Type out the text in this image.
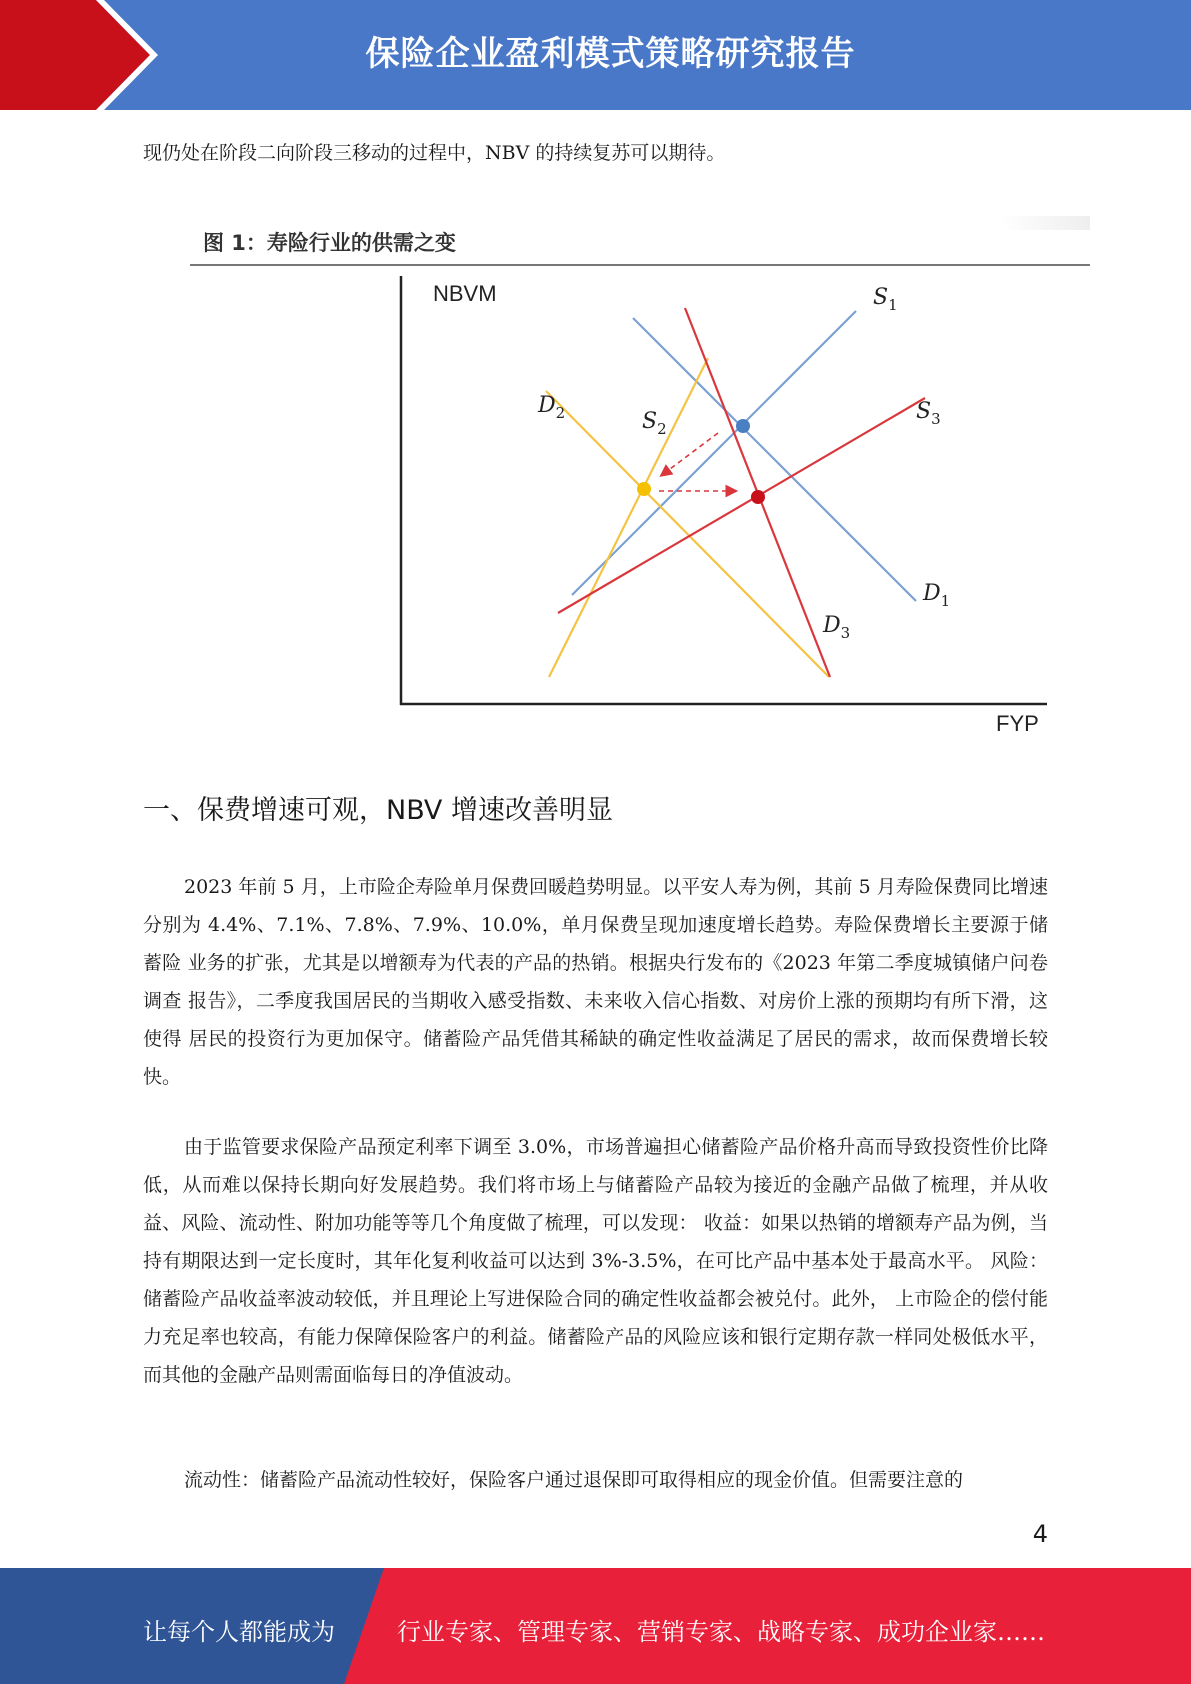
保险企业盈利模式策略研究报告

现仍处在阶段二向阶段三移动的过程中，NBV 的持续复苏可以期待。

图 1：寿险行业的供需之变
NBVM
FYP
$S_1$
$D_1$
$S_2$
$D_2$	$S_3$
$D_3$
一、保费增速可观，NBV 增速改善明显

2023 年前 5 月，上市险企寿险单月保费回暖趋势明显。以平安人寿为例，其前 5 月寿险保费同比增速 分别为 4.4%、7.1%、7.8%、7.9%、10.0%，单月保费呈现加速度增长趋势。寿险保费增长主要源于储蓄险 业务的扩张，尤其是以增额寿为代表的产品的热销。根据央行发布的《2023 年第二季度城镇储户问卷调查 报告》，二季度我国居民的当期收入感受指数、未来收入信心指数、对房价上涨的预期均有所下滑，这使得 居民的投资行为更加保守。储蓄险产品凭借其稀缺的确定性收益满足了居民的需求，故而保费增长较快。

由于监管要求保险产品预定利率下调至 3.0%，市场普遍担心储蓄险产品价格升高而导致投资性价比降 低，从而难以保持长期向好发展趋势。我们将市场上与储蓄险产品较为接近的金融产品做了梳理，并从收 益、风险、流动性、附加功能等等几个角度做了梳理，可以发现： 收益：如果以热销的增额寿产品为例，当持有期限达到一定长度时，其年化复利收益可以达到 3%-3.5%，在可比产品中基本处于最高水平。 风险：储蓄险产品收益率波动较低，并且理论上写进保险合同的确定性收益都会被兑付。此外， 上市险企的偿付能力充足率也较高，有能力保障保险客户的利益。储蓄险产品的风险应该和银行定期存款一样同处极低水平，而其他的金融产品则需面临每日的净值波动。

流动性：储蓄险产品流动性较好，保险客户通过退保即可取得相应的现金价值。但需要注意的

4
让每个人都能成为	行业专家、管理专家、营销专家、战略专家、成功企业家……
